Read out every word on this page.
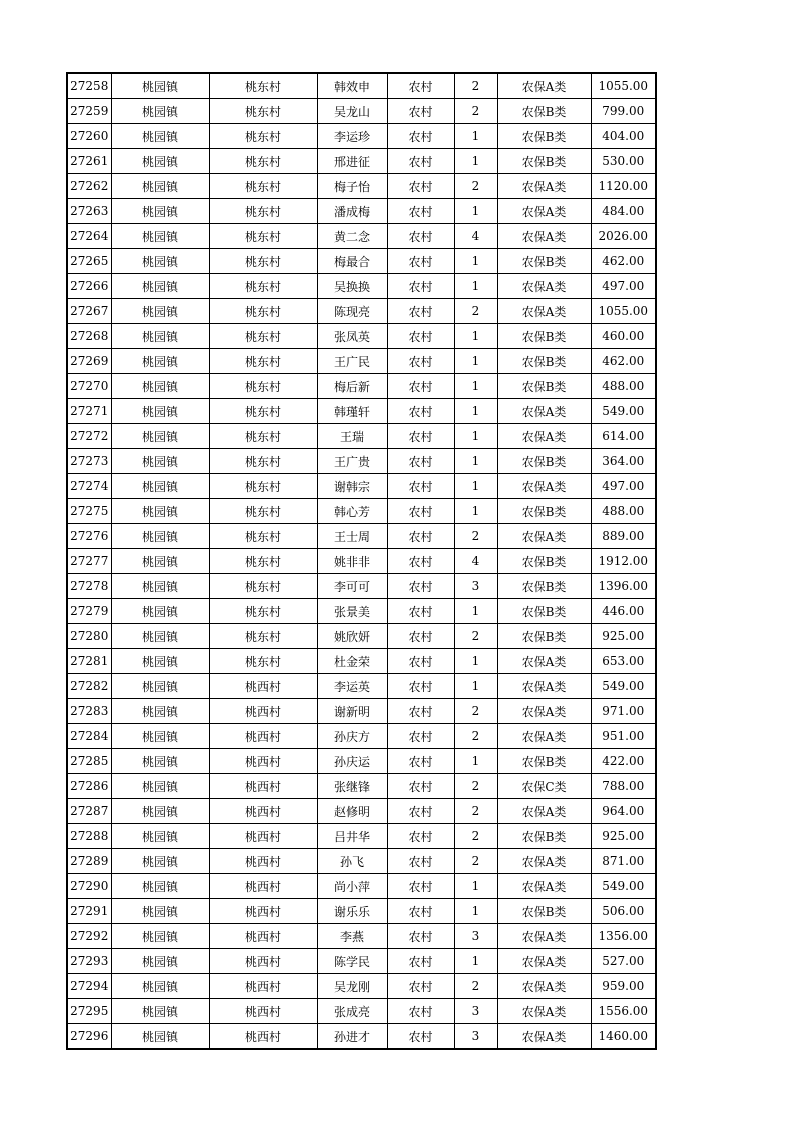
27258	桃园镇	桃东村	韩效申	农村	2	农保A类	1055.00
27259	桃园镇	桃东村	吴龙山	农村	2	农保B类	799.00
27260	桃园镇	桃东村	李运珍	农村	1	农保B类	404.00
27261	桃园镇	桃东村	邢进征	农村	1	农保B类	530.00
27262	桃园镇	桃东村	梅子怡	农村	2	农保A类	1120.00
27263	桃园镇	桃东村	潘成梅	农村	1	农保A类	484.00
27264	桃园镇	桃东村	黄二念	农村	4	农保A类	2026.00
27265	桃园镇	桃东村	梅最合	农村	1	农保B类	462.00
27266	桃园镇	桃东村	吴换换	农村	1	农保A类	497.00
27267	桃园镇	桃东村	陈现亮	农村	2	农保A类	1055.00
27268	桃园镇	桃东村	张凤英	农村	1	农保B类	460.00
27269	桃园镇	桃东村	王广民	农村	1	农保B类	462.00
27270	桃园镇	桃东村	梅后新	农村	1	农保B类	488.00
27271	桃园镇	桃东村	韩瑾轩	农村	1	农保A类	549.00
27272	桃园镇	桃东村	王瑞	农村	1	农保A类	614.00
27273	桃园镇	桃东村	王广贵	农村	1	农保B类	364.00
27274	桃园镇	桃东村	谢韩宗	农村	1	农保A类	497.00
27275	桃园镇	桃东村	韩心芳	农村	1	农保B类	488.00
27276	桃园镇	桃东村	王士周	农村	2	农保A类	889.00
27277	桃园镇	桃东村	姚非非	农村	4	农保B类	1912.00
27278	桃园镇	桃东村	李可可	农村	3	农保B类	1396.00
27279	桃园镇	桃东村	张景美	农村	1	农保B类	446.00
27280	桃园镇	桃东村	姚欣妍	农村	2	农保B类	925.00
27281	桃园镇	桃东村	杜金荣	农村	1	农保A类	653.00
27282	桃园镇	桃西村	李运英	农村	1	农保A类	549.00
27283	桃园镇	桃西村	谢新明	农村	2	农保A类	971.00
27284	桃园镇	桃西村	孙庆方	农村	2	农保A类	951.00
27285	桃园镇	桃西村	孙庆运	农村	1	农保B类	422.00
27286	桃园镇	桃西村	张继锋	农村	2	农保C类	788.00
27287	桃园镇	桃西村	赵修明	农村	2	农保A类	964.00
27288	桃园镇	桃西村	吕井华	农村	2	农保B类	925.00
27289	桃园镇	桃西村	孙飞	农村	2	农保A类	871.00
27290	桃园镇	桃西村	尚小萍	农村	1	农保A类	549.00
27291	桃园镇	桃西村	谢乐乐	农村	1	农保B类	506.00
27292	桃园镇	桃西村	李燕	农村	3	农保A类	1356.00
27293	桃园镇	桃西村	陈学民	农村	1	农保A类	527.00
27294	桃园镇	桃西村	吴龙刚	农村	2	农保A类	959.00
27295	桃园镇	桃西村	张成亮	农村	3	农保A类	1556.00
27296	桃园镇	桃西村	孙进才	农村	3	农保A类	1460.00
